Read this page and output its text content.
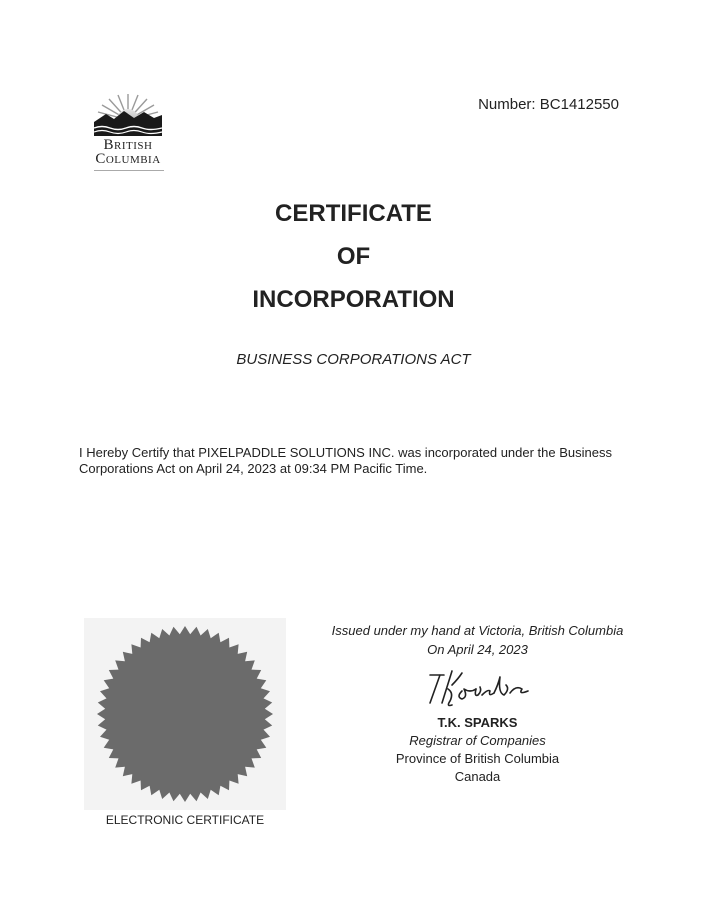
British
Columbia
Number: BC1412550
CERTIFICATE
OF
INCORPORATION
BUSINESS CORPORATIONS ACT
I Hereby Certify that PIXELPADDLE SOLUTIONS INC. was incorporated under the Business Corporations Act on April 24, 2023 at 09:34 PM Pacific Time.
ELECTRONIC CERTIFICATE
Issued under my hand at Victoria, British Columbia
On April 24, 2023
T.K. SPARKS
Registrar of Companies
Province of British Columbia
Canada
